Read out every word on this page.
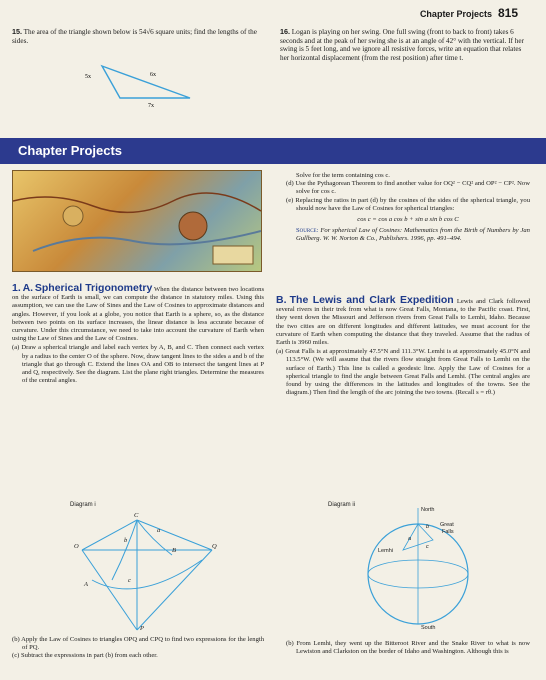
Chapter Projects 815
15. The area of the triangle shown below is 54√6 square units; find the lengths of the sides.
5x	6x
7x
16. Logan is playing on her swing. One full swing (front to back to front) takes 6 seconds and at the peak of her swing she is at an angle of 42° with the vertical. If her swing is 5 feet long, and we ignore all resistive forces, write an equation that relates her horizontal displacement (from the rest position) after time t.
Chapter Projects
1. A. Spherical Trigonometry When the distance between two locations on the surface of Earth is small, we can compute the distance in statutory miles. Using this assumption, we can use the Law of Sines and the Law of Cosines to approximate distances and angles. However, if you look at a globe, you notice that Earth is a sphere, so, as the distance between two points on its surface increases, the linear distance is less accurate because of curvature. Under this circumstance, we need to take into account the curvature of Earth when using the Law of Sines and the Law of Cosines.
(a) Draw a spherical triangle and label each vertex by A, B, and C. Then connect each vertex by a radius to the center O of the sphere. Now, draw tangent lines to the sides a and b of the triangle that go through C. Extend the lines OA and OB to intersect the tangent lines at P and Q, respectively. See the diagram. List the plane right triangles. Determine the measures of the central angles.
Diagram i
C
a
b
B
Q
O
A
c
P
(b) Apply the Law of Cosines to triangles OPQ and CPQ to find two expressions for the length of PQ.
(c) Subtract the expressions in part (b) from each other.
Solve for the term containing cos c.
(d) Use the Pythagorean Theorem to find another value for OQ² − CQ² and OP² − CP². Now solve for cos c.
(e) Replacing the ratios in part (d) by the cosines of the sides of the spherical triangle, you should now have the Law of Cosines for spherical triangles:
cos c = cos a cos b + sin a sin b cos C
Source: For spherical Law of Cosines: Mathematics from the Birth of Numbers by Jan Gullberg. W. W. Norton & Co., Publishers. 1996, pp. 491–494.
B. The Lewis and Clark Expedition Lewis and Clark followed several rivers in their trek from what is now Great Falls, Montana, to the Pacific coast. First, they went down the Missouri and Jefferson rivers from Great Falls to Lemhi, Idaho. Because the two cities are on different longitudes and different latitudes, we must account for the curvature of Earth when computing the distance that they traveled. Assume that the radius of Earth is 3960 miles.
(a) Great Falls is at approximately 47.5°N and 111.3°W. Lemhi is at approximately 45.0°N and 113.5°W. (We will assume that the rivers flow straight from Great Falls to Lemhi on the surface of Earth.) This line is called a geodesic line. Apply the Law of Cosines for a spherical triangle to find the angle between Great Falls and Lemhi. (The central angles are found by using the differences in the latitudes and longitudes of the towns. See the diagram.) Then find the length of the arc joining the two towns. (Recall s = rθ.)
Diagram ii
North
South
Great
Falls
Lemhi
a
b
c
(b) From Lemhi, they went up the Bitteroot River and the Snake River to what is now Lewiston and Clarkston on the border of Idaho and Washington. Although this is
